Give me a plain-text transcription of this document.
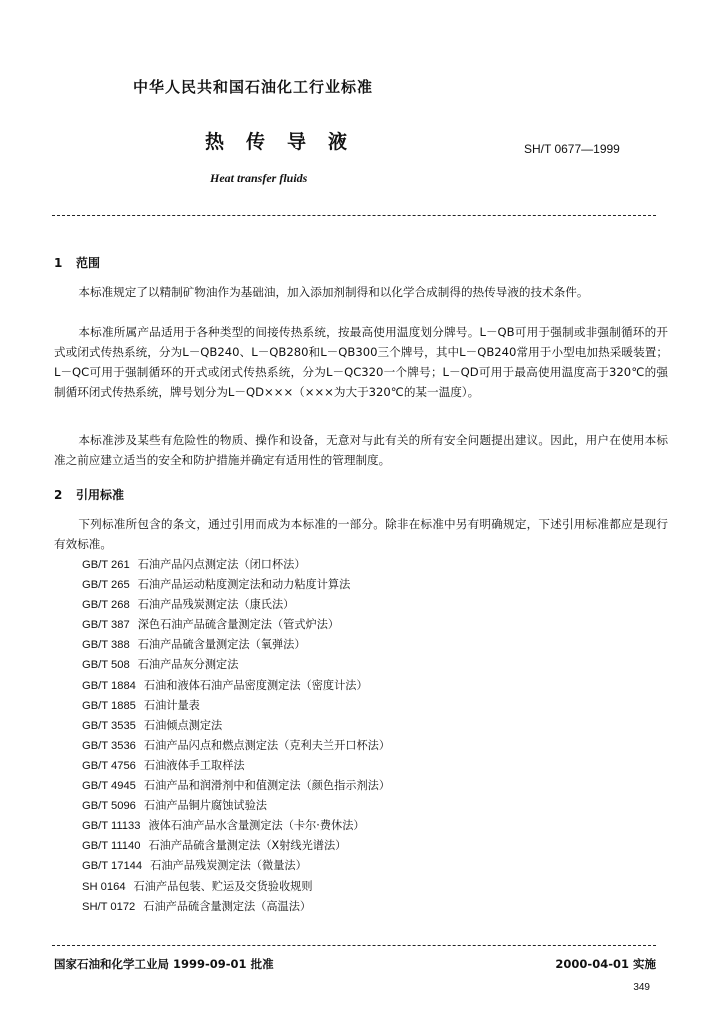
中华人民共和国石油化工行业标准
热传导液	SH/T 0677—1999
Heat transfer fluids
1 范围

本标准规定了以精制矿物油作为基础油，加入添加剂制得和以化学合成制得的热传导液的技术条件。

本标准所属产品适用于各种类型的间接传热系统，按最高使用温度划分牌号。L－QB可用于强制或非强制循环的开式或闭式传热系统，分为L－QB240、L－QB280和L－QB300三个牌号，其中L－QB240常用于小型电加热采暖装置；L－QC可用于强制循环的开式或闭式传热系统，分为L－QC320一个牌号；L－QD可用于最高使用温度高于320℃的强制循环闭式传热系统，牌号划分为L－QD×××（×××为大于320℃的某一温度）。

本标准涉及某些有危险性的物质、操作和设备，无意对与此有关的所有安全问题提出建议。因此，用户在使用本标准之前应建立适当的安全和防护措施并确定有适用性的管理制度。

2 引用标准

下列标准所包含的条文，通过引用而成为本标准的一部分。除非在标准中另有明确规定，下述引用标准都应是现行有效标准。

GB/T 261 石油产品闪点测定法（闭口杯法）
GB/T 265 石油产品运动粘度测定法和动力粘度计算法
GB/T 268 石油产品残炭测定法（康氏法）
GB/T 387 深色石油产品硫含量测定法（管式炉法）
GB/T 388 石油产品硫含量测定法（氧弹法）
GB/T 508 石油产品灰分测定法
GB/T 1884 石油和液体石油产品密度测定法（密度计法）
GB/T 1885 石油计量表
GB/T 3535 石油倾点测定法
GB/T 3536 石油产品闪点和燃点测定法（克利夫兰开口杯法）
GB/T 4756 石油液体手工取样法
GB/T 4945 石油产品和润滑剂中和值测定法（颜色指示剂法）
GB/T 5096 石油产品铜片腐蚀试验法
GB/T 11133 液体石油产品水含量测定法（卡尔·费休法）
GB/T 11140 石油产品硫含量测定法（X射线光谱法）
GB/T 17144 石油产品残炭测定法（微量法）
SH 0164 石油产品包装、贮运及交货验收规则
SH/T 0172 石油产品硫含量测定法（高温法）
国家石油和化学工业局 1999-09-01 批准	2000-04-01 实施
349
